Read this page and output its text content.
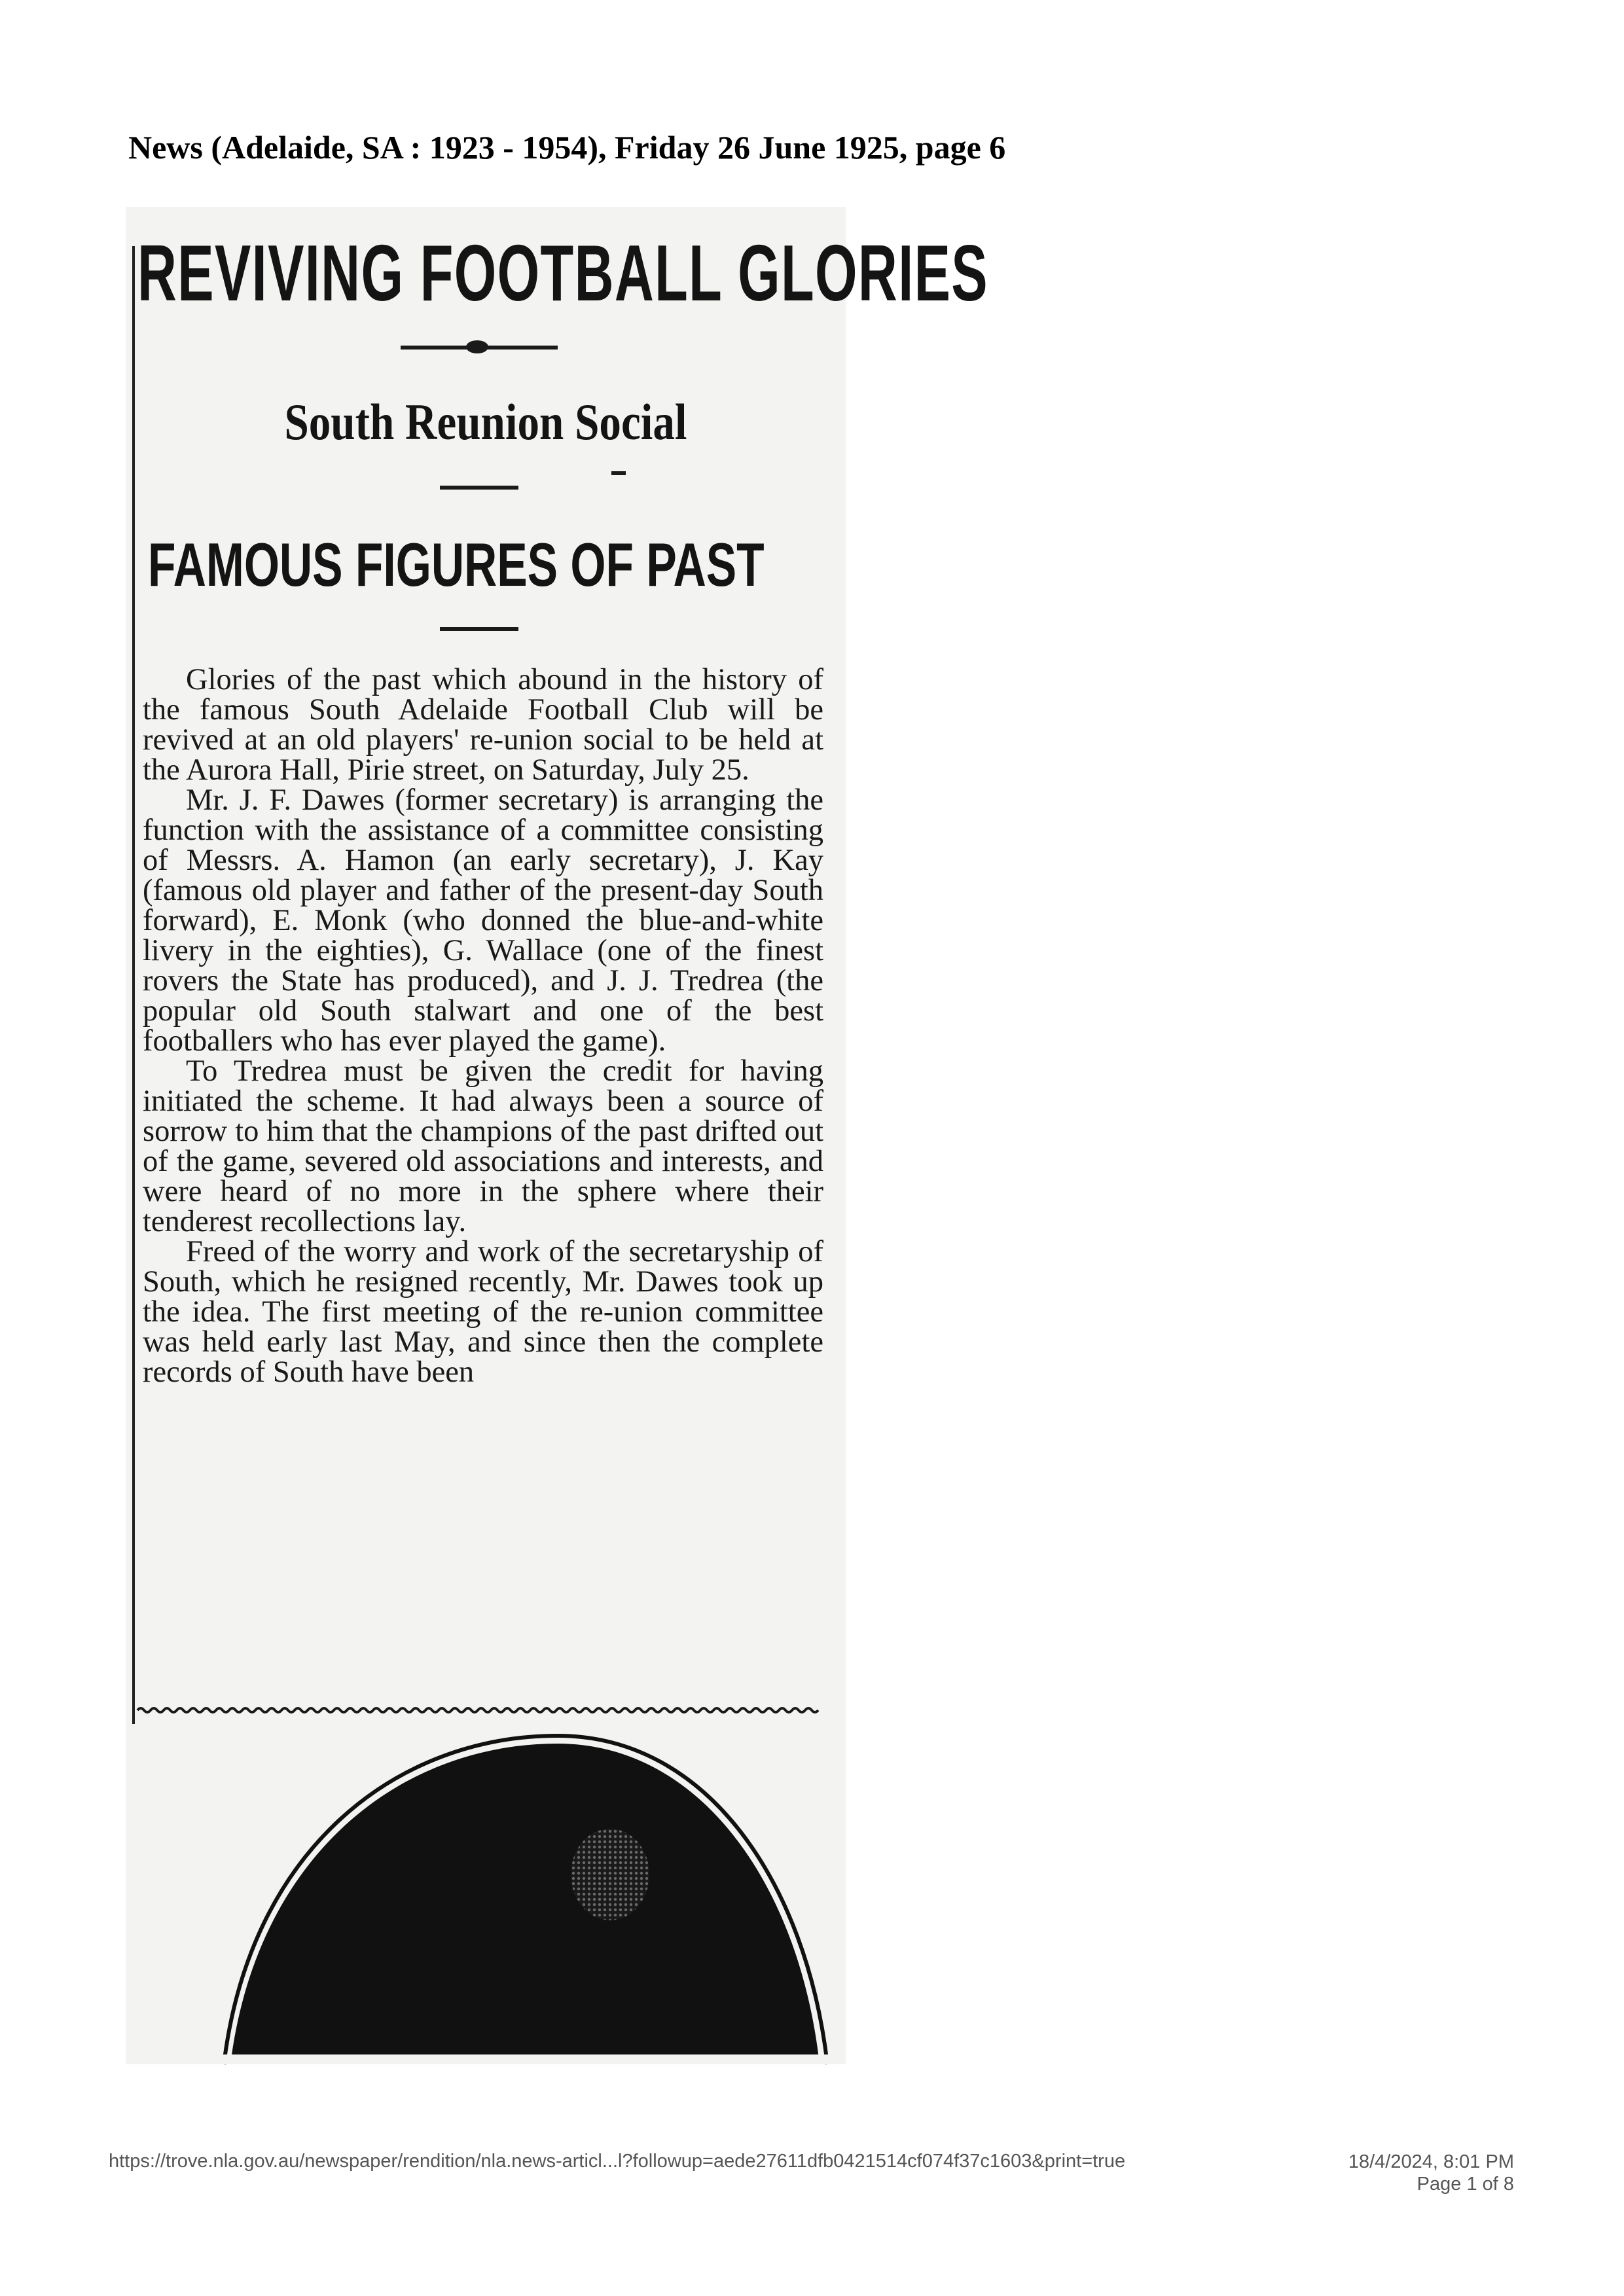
News (Adelaide, SA : 1923 - 1954), Friday 26 June 1925, page 6
REVIVING FOOTBALL GLORIES
South Reunion Social
FAMOUS FIGURES OF PAST

Glories of the past which abound in the history of the famous South Adelaide Football Club will be revived at an old players' re-union social to be held at the Aurora Hall, Pirie street, on Saturday, July 25.

Mr. J. F. Dawes (former secretary) is arranging the function with the assistance of a committee consisting of Messrs. A. Hamon (an early secretary), J. Kay (famous old player and father of the present-day South forward), E. Monk (who donned the blue-and-white livery in the eighties), G. Wallace (one of the finest rovers the State has produced), and J. J. Tredrea (the popular old South stalwart and one of the best footballers who has ever played the game).

To Tredrea must be given the credit for having initiated the scheme. It had always been a source of sorrow to him that the champions of the past drifted out of the game, severed old associations and interests, and were heard of no more in the sphere where their tenderest recollections lay.

Freed of the worry and work of the secretaryship of South, which he resigned recently, Mr. Dawes took up the idea. The first meeting of the re-union committee was held early last May, and since then the complete records of South have been

https://trove.nla.gov.au/newspaper/rendition/nla.news-articl...l?followup=aede27611dfb0421514cf074f37c1603&print=true	18/4/2024, 8:01 PM
Page 1 of 8
